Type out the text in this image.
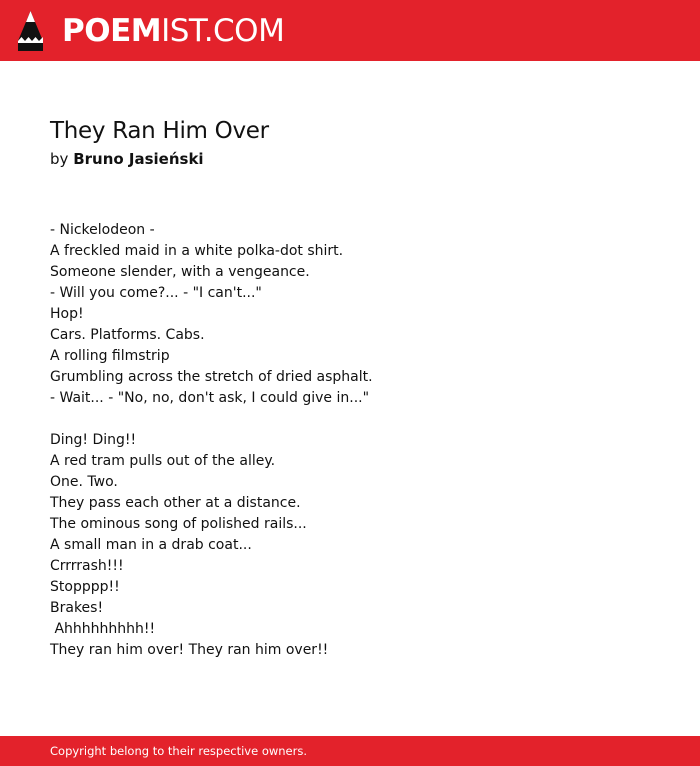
POEMIST.COM
They Ran Him Over
by Bruno Jasieński
- Nickelodeon -
A freckled maid in a white polka-dot shirt.
Someone slender, with a vengeance.
- Will you come?... - "I can't..."
Hop!
Cars. Platforms. Cabs.
A rolling filmstrip
Grumbling across the stretch of dried asphalt.
- Wait... - "No, no, don't ask, I could give in..."
Ding! Ding!!
A red tram pulls out of the alley.
One. Two.
They pass each other at a distance.
The ominous song of polished rails...
A small man in a drab coat...
Crrrrash!!!
Stopppp!!
Brakes!
Ahhhhhhhhh!!
They ran him over! They ran him over!!
Copyright belong to their respective owners.
